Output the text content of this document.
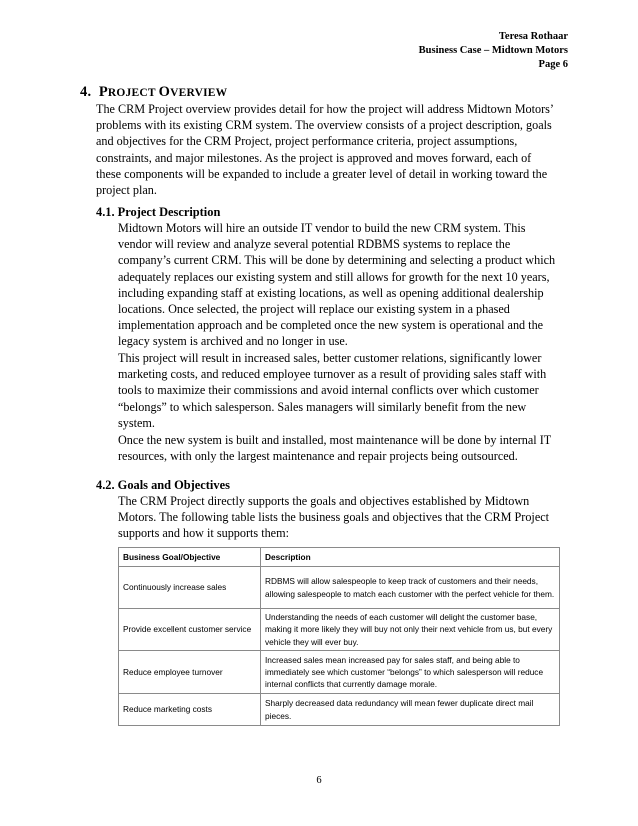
Teresa Rothaar
Business Case – Midtown Motors
Page 6
4. PROJECT OVERVIEW

The CRM Project overview provides detail for how the project will address Midtown Motors’ problems with its existing CRM system. The overview consists of a project description, goals and objectives for the CRM Project, project performance criteria, project assumptions, constraints, and major milestones. As the project is approved and moves forward, each of these components will be expanded to include a greater level of detail in working toward the project plan.

4.1. Project Description

Midtown Motors will hire an outside IT vendor to build the new CRM system. This vendor will review and analyze several potential RDBMS systems to replace the company’s current CRM. This will be done by determining and selecting a product which adequately replaces our existing system and still allows for growth for the next 10 years, including expanding staff at existing locations, as well as opening additional dealership locations. Once selected, the project will replace our existing system in a phased implementation approach and be completed once the new system is operational and the legacy system is archived and no longer in use.

This project will result in increased sales, better customer relations, significantly lower marketing costs, and reduced employee turnover as a result of providing sales staff with tools to maximize their commissions and avoid internal conflicts over which customer “belongs” to which salesperson. Sales managers will similarly benefit from the new system.

Once the new system is built and installed, most maintenance will be done by internal IT resources, with only the largest maintenance and repair projects being outsourced.

4.2. Goals and Objectives

The CRM Project directly supports the goals and objectives established by Midtown Motors. The following table lists the business goals and objectives that the CRM Project supports and how it supports them:

Business Goal/Objective	Description
Continuously increase sales	RDBMS will allow salespeople to keep track of customers and their needs, allowing salespeople to match each customer with the perfect vehicle for them.
Provide excellent customer service	Understanding the needs of each customer will delight the customer base, making it more likely they will buy not only their next vehicle from us, but every vehicle they will ever buy.
Reduce employee turnover	Increased sales mean increased pay for sales staff, and being able to immediately see which customer “belongs” to which salesperson will reduce internal conflicts that currently damage morale.
Reduce marketing costs	Sharply decreased data redundancy will mean fewer duplicate direct mail pieces.
6
